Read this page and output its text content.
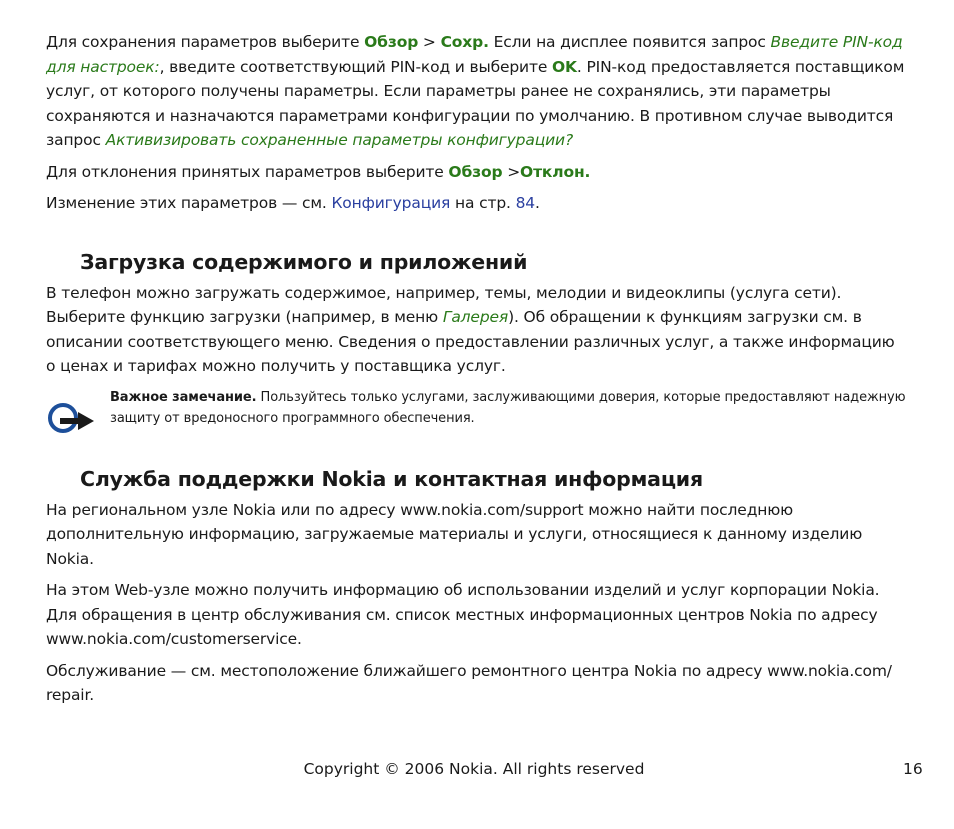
Для сохранения параметров выберите Обзор > Сохр. Если на дисплее появится запрос Введите PIN-код для настроек:, введите соответствующий PIN-код и выберите OK. PIN-код предоставляется поставщиком услуг, от которого получены параметры. Если параметры ранее не сохранялись, эти параметры сохраняются и назначаются параметрами конфигурации по умолчанию. В противном случае выводится запрос Активизировать сохраненные параметры конфигурации?

Для отклонения принятых параметров выберите Обзор >Отклон.

Изменение этих параметров — см. Конфигурация на стр. 84.

Загрузка содержимого и приложений

В телефон можно загружать содержимое, например, темы, мелодии и видеоклипы (услуга сети). Выберите функцию загрузки (например, в меню Галерея). Об обращении к функциям загрузки см. в описании соответствующего меню. Сведения о предоставлении различных услуг, а также информацию о ценах и тарифах можно получить у поставщика услуг.

Важное замечание. Пользуйтесь только услугами, заслуживающими доверия, которые предоставляют надежную защиту от вредоносного программного обеспечения.
Служба поддержки Nokia и контактная информация

На региональном узле Nokia или по адресу www.nokia.com/support можно найти последнюю дополнительную информацию, загружаемые материалы и услуги, относящиеся к данному изделию Nokia.

На этом Web-узле можно получить информацию об использовании изделий и услуг корпорации Nokia. Для обращения в центр обслуживания см. список местных информационных центров Nokia по адресу www.nokia.com/customerservice.

Обслуживание — см. местоположение ближайшего ремонтного центра Nokia по адресу www.nokia.com/ repair.

Copyright © 2006 Nokia. All rights reserved	16
